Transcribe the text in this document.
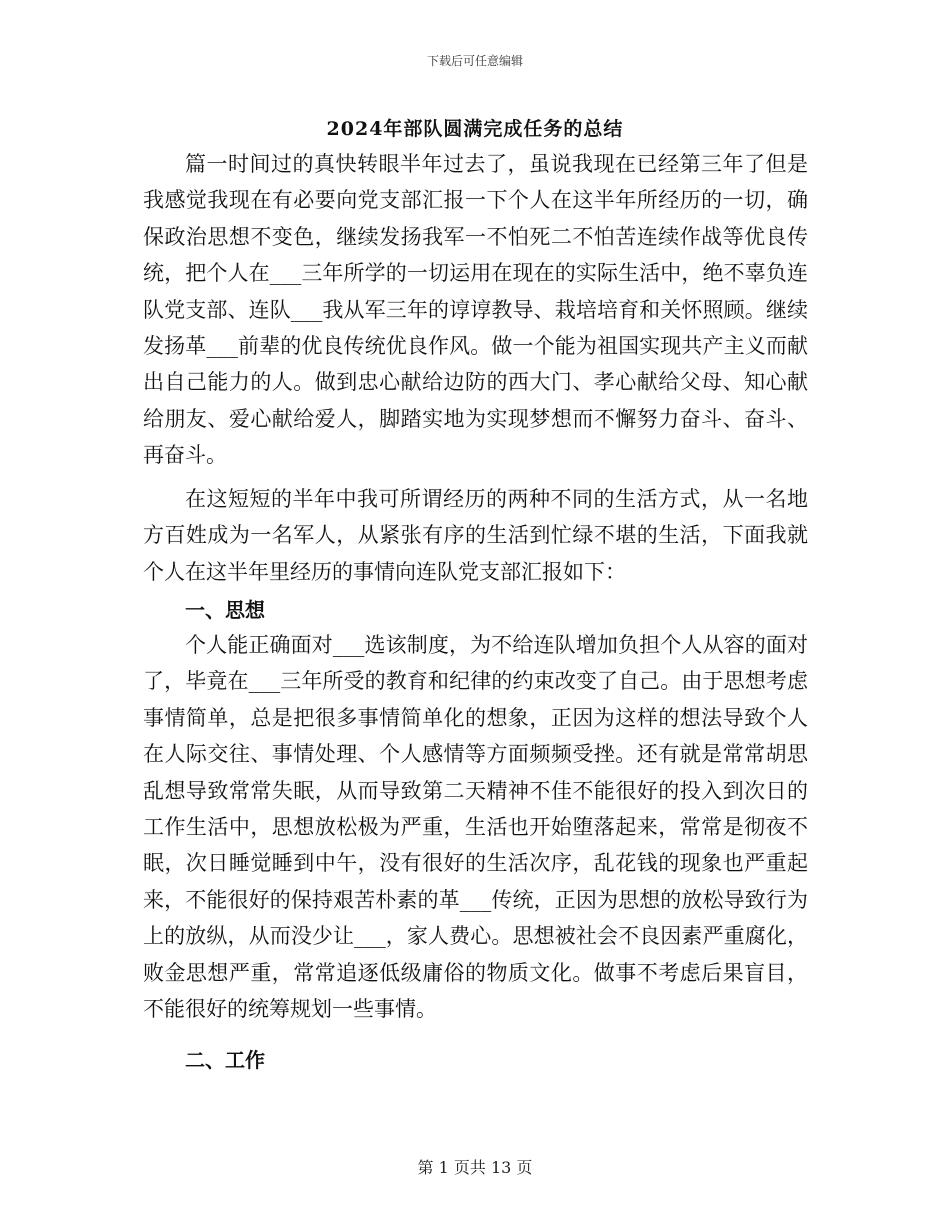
下载后可任意编辑
2024年部队圆满完成任务的总结

篇一时间过的真快转眼半年过去了，虽说我现在已经第三年了但是我感觉我现在有必要向党支部汇报一下个人在这半年所经历的一切，确保政治思想不变色，继续发扬我军一不怕死二不怕苦连续作战等优良传统，把个人在___三年所学的一切运用在现在的实际生活中，绝不辜负连队党支部、连队___我从军三年的谆谆教导、栽培培育和关怀照顾。继续发扬革___前辈的优良传统优良作风。做一个能为祖国实现共产主义而献出自己能力的人。做到忠心献给边防的西大门、孝心献给父母、知心献给朋友、爱心献给爱人，脚踏实地为实现梦想而不懈努力奋斗、奋斗、再奋斗。

在这短短的半年中我可所谓经历的两种不同的生活方式，从一名地方百姓成为一名军人，从紧张有序的生活到忙绿不堪的生活，下面我就个人在这半年里经历的事情向连队党支部汇报如下：

一、思想

个人能正确面对___选该制度，为不给连队增加负担个人从容的面对了，毕竟在___三年所受的教育和纪律的约束改变了自己。由于思想考虑事情简单，总是把很多事情简单化的想象，正因为这样的想法导致个人在人际交往、事情处理、个人感情等方面频频受挫。还有就是常常胡思乱想导致常常失眠，从而导致第二天精神不佳不能很好的投入到次日的工作生活中，思想放松极为严重，生活也开始堕落起来，常常是彻夜不眠，次日睡觉睡到中午，没有很好的生活次序，乱花钱的现象也严重起来，不能很好的保持艰苦朴素的革___传统，正因为思想的放松导致行为上的放纵，从而没少让___，家人费心。思想被社会不良因素严重腐化，败金思想严重，常常追逐低级庸俗的物质文化。做事不考虑后果盲目，不能很好的统筹规划一些事情。

二、工作
第 1 页共 13 页
